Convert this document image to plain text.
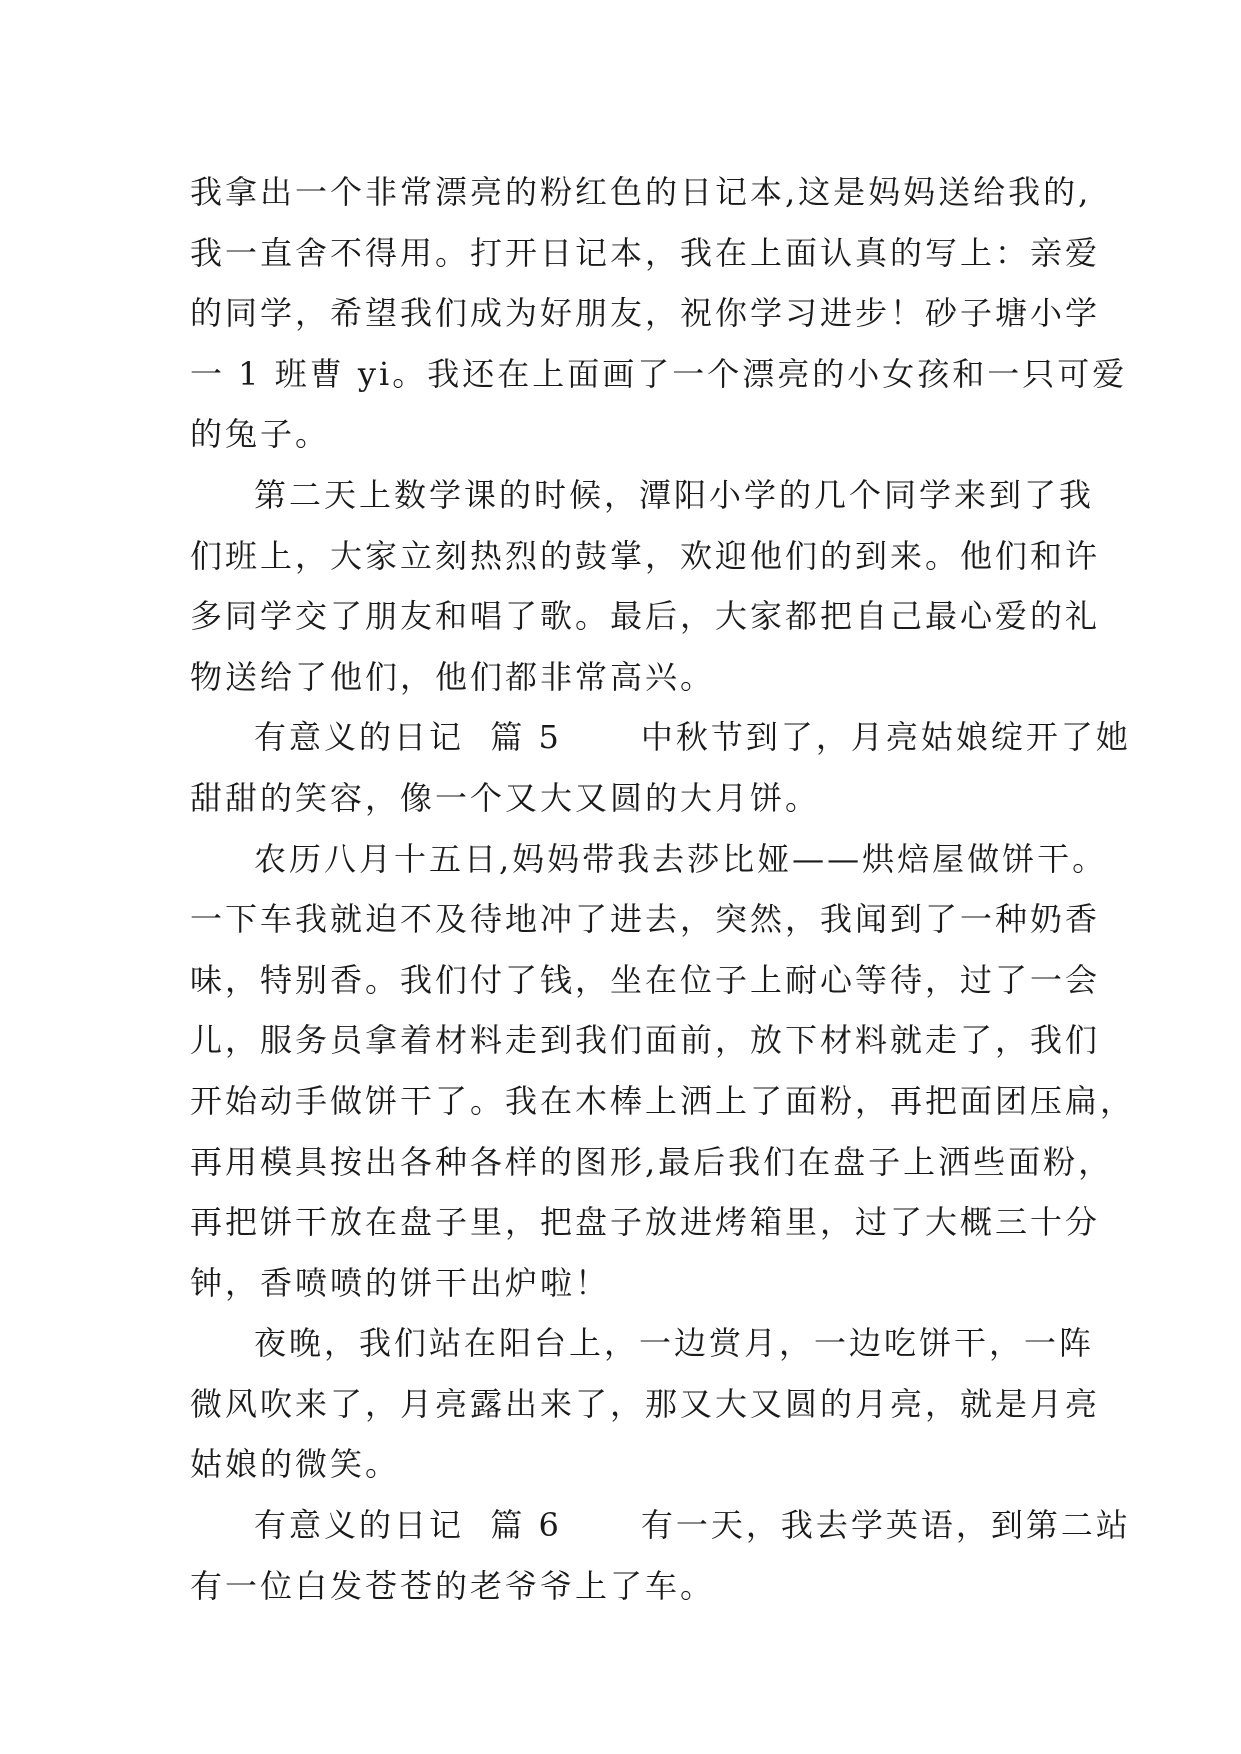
我拿出一个非常漂亮的粉红色的日记本,这是妈妈送给我的,
我一直舍不得用。打开日记本，我在上面认真的写上：亲爱
的同学，希望我们成为好朋友，祝你学习进步！砂子塘小学
一 1 班曹 yi。我还在上面画了一个漂亮的小女孩和一只可爱
的兔子。
第二天上数学课的时候，潭阳小学的几个同学来到了我
们班上，大家立刻热烈的鼓掌，欢迎他们的到来。他们和许
多同学交了朋友和唱了歌。最后，大家都把自己最心爱的礼
物送给了他们，他们都非常高兴。
有意义的日记  篇 5      中秋节到了，月亮姑娘绽开了她
甜甜的笑容，像一个又大又圆的大月饼。
农历八月十五日,妈妈带我去莎比娅——烘焙屋做饼干。
一下车我就迫不及待地冲了进去，突然，我闻到了一种奶香
味，特别香。我们付了钱，坐在位子上耐心等待，过了一会
儿，服务员拿着材料走到我们面前，放下材料就走了，我们
开始动手做饼干了。我在木棒上洒上了面粉，再把面团压扁，
再用模具按出各种各样的图形,最后我们在盘子上洒些面粉，
再把饼干放在盘子里，把盘子放进烤箱里，过了大概三十分
钟，香喷喷的饼干出炉啦！
夜晚，我们站在阳台上，一边赏月，一边吃饼干，一阵
微风吹来了，月亮露出来了，那又大又圆的月亮，就是月亮
姑娘的微笑。
有意义的日记  篇 6      有一天，我去学英语，到第二站
有一位白发苍苍的老爷爷上了车。
